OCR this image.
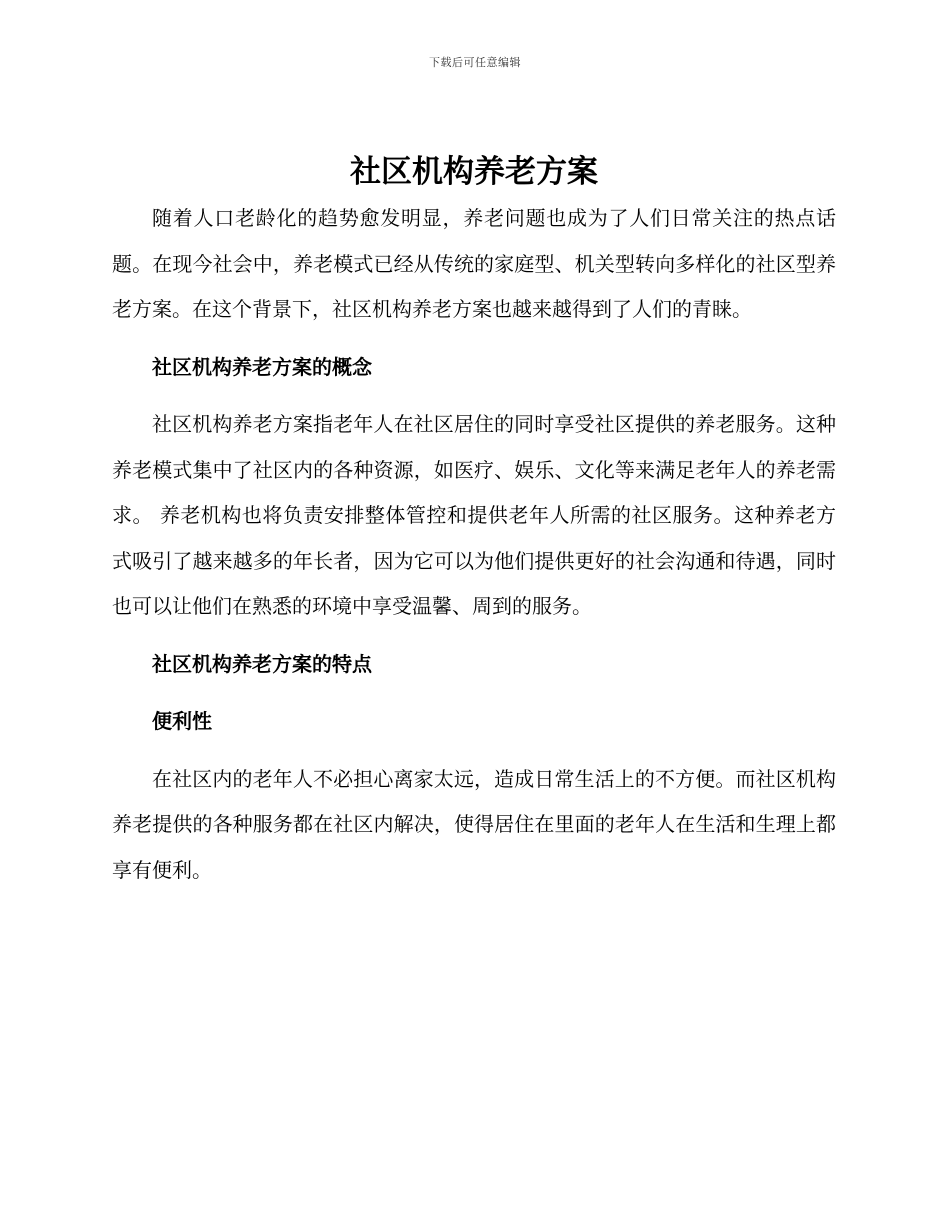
下载后可任意编辑
社区机构养老方案

随着人口老龄化的趋势愈发明显，养老问题也成为了人们日常关注的热点话题。在现今社会中，养老模式已经从传统的家庭型、机关型转向多样化的社区型养老方案。在这个背景下，社区机构养老方案也越来越得到了人们的青睐。

社区机构养老方案的概念

社区机构养老方案指老年人在社区居住的同时享受社区提供的养老服务。这种养老模式集中了社区内的各种资源，如医疗、娱乐、文化等来满足老年人的养老需求。 养老机构也将负责安排整体管控和提供老年人所需的社区服务。这种养老方式吸引了越来越多的年长者，因为它可以为他们提供更好的社会沟通和待遇，同时也可以让他们在熟悉的环境中享受温馨、周到的服务。

社区机构养老方案的特点
便利性

在社区内的老年人不必担心离家太远，造成日常生活上的不方便。而社区机构养老提供的各种服务都在社区内解决，使得居住在里面的老年人在生活和生理上都享有便利。
